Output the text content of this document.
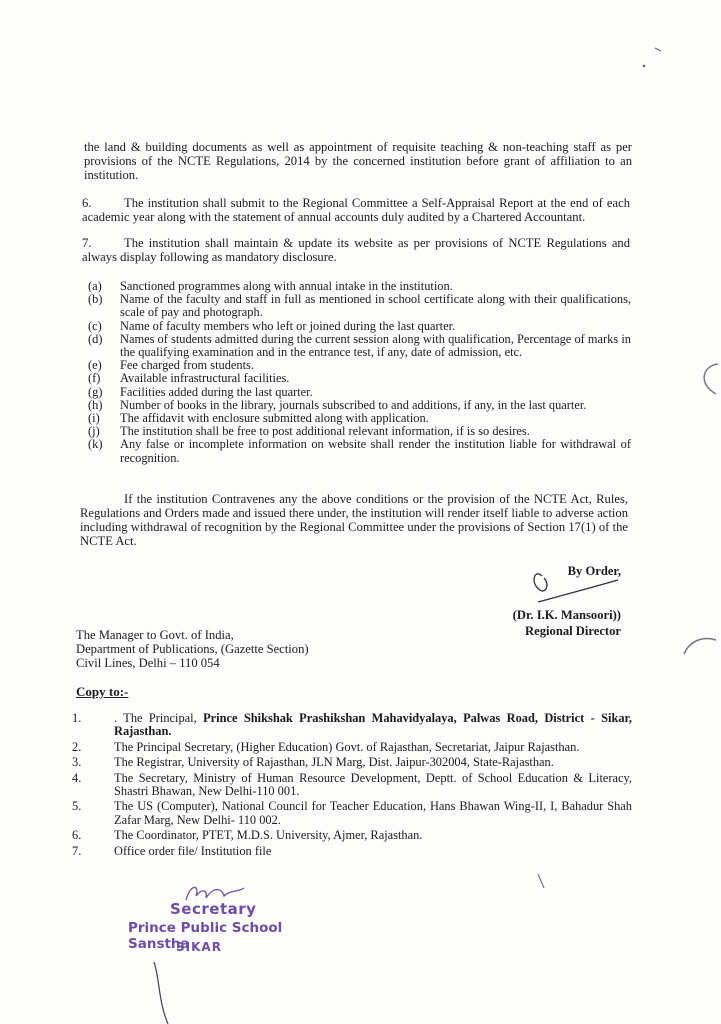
the land & building documents as well as appointment of requisite teaching & non-teaching staff as per provisions of the NCTE Regulations, 2014 by the concerned institution before grant of affiliation to an institution.

6.	The institution shall submit to the Regional Committee a Self-Appraisal Report at the end of each academic year along with the statement of annual accounts duly audited by a Chartered Accountant.

7.	The institution shall maintain & update its website as per provisions of NCTE Regulations and always display following as mandatory disclosure.

(a)	Sanctioned programmes along with annual intake in the institution.
(b)	Name of the faculty and staff in full as mentioned in school certificate along with their qualifications, scale of pay and photograph.
(c)	Name of faculty members who left or joined during the last quarter.
(d)	Names of students admitted during the current session along with qualification, Percentage of marks in the qualifying examination and in the entrance test, if any, date of admission, etc.
(e)	Fee charged from students.
(f)	Available infrastructural facilities.
(g)	Facilities added during the last quarter.
(h)	Number of books in the library, journals subscribed to and additions, if any, in the last quarter.
(i)	The affidavit with enclosure submitted along with application.
(j)	The institution shall be free to post additional relevant information, if is so desires.
(k)	Any false or incomplete information on website shall render the institution liable for withdrawal of recognition.

If the institution Contravenes any the above conditions or the provision of the NCTE Act, Rules, Regulations and Orders made and issued there under, the institution will render itself liable to adverse action including withdrawal of recognition by the Regional Committee under the provisions of Section 17(1) of the NCTE Act.

By Order,
(Dr. I.K. Mansoori))
Regional Director
The Manager to Govt. of India,
Department of Publications, (Gazette Section)
Civil Lines, Delhi – 110 054
Copy to:-
1.	. The Principal, Prince Shikshak Prashikshan Mahavidyalaya, Palwas Road, District - Sikar, Rajasthan.
2.	The Principal Secretary, (Higher Education) Govt. of Rajasthan, Secretariat, Jaipur Rajasthan.
3.	The Registrar, University of Rajasthan, JLN Marg, Dist. Jaipur-302004, State-Rajasthan.
4.	The Secretary, Ministry of Human Resource Development, Deptt. of School Education & Literacy, Shastri Bhawan, New Delhi-110 001.
5.	The US (Computer), National Council for Teacher Education, Hans Bhawan Wing-II, I, Bahadur Shah Zafar Marg, New Delhi- 110 002.
6.	The Coordinator, PTET, M.D.S. University, Ajmer, Rajasthan.
7.	Office order file/ Institution file
Secretary
Prince Public School Sanstha
SIKAR
